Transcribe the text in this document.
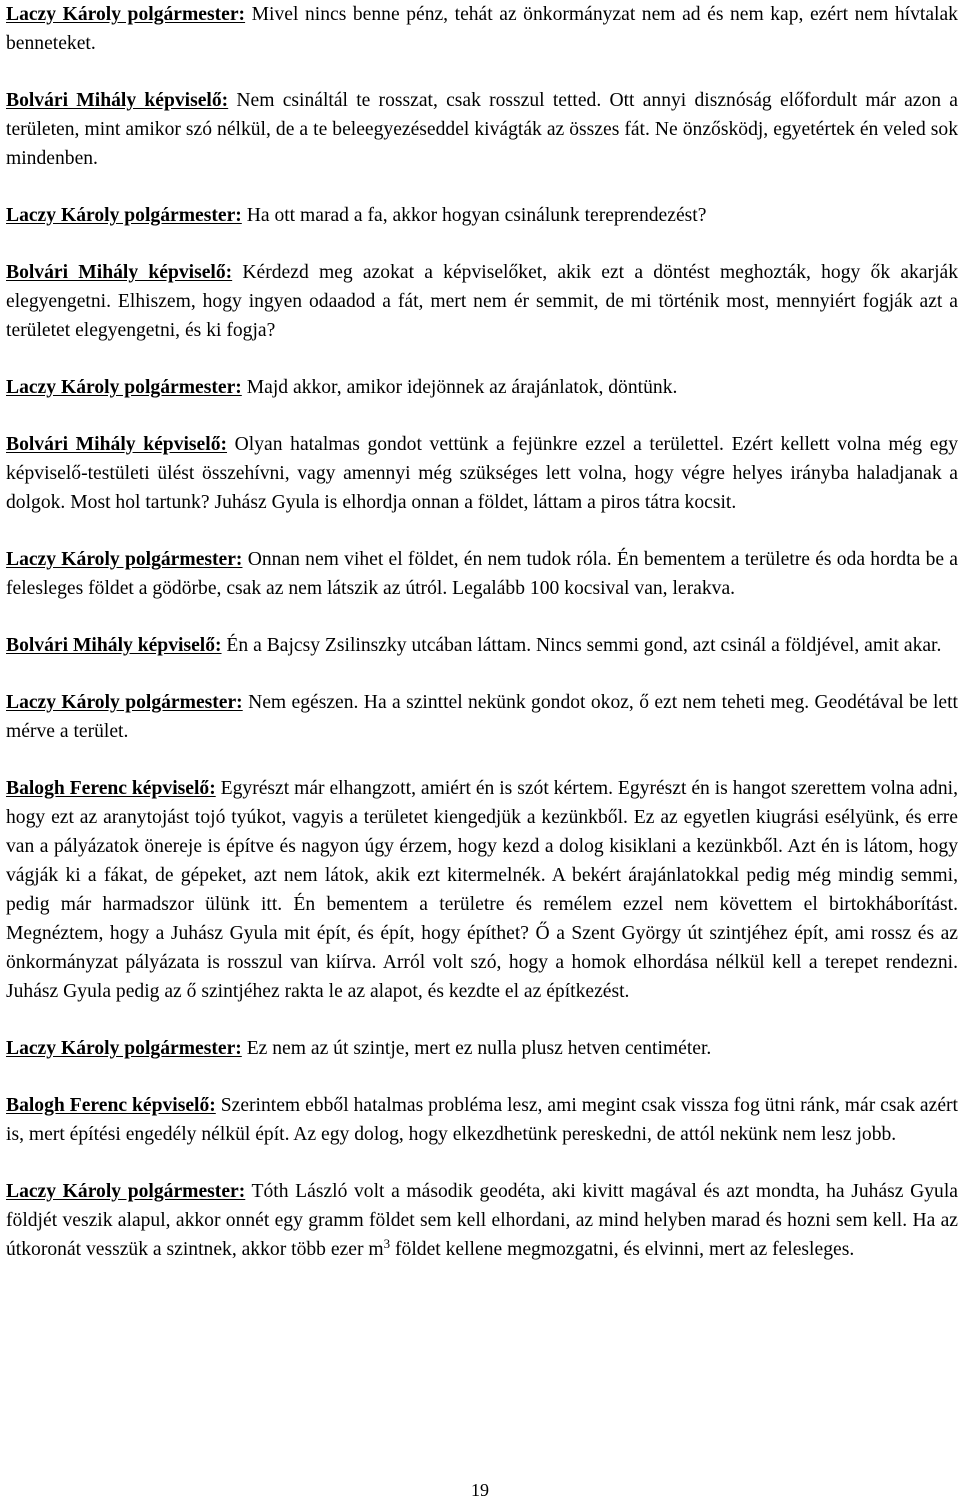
Laczy Károly polgármester: Mivel nincs benne pénz, tehát az önkormányzat nem ad és nem kap, ezért nem hívtalak benneteket.

Bolvári Mihály képviselő: Nem csináltál te rosszat, csak rosszul tetted. Ott annyi disznóság előfordult már azon a területen, mint amikor szó nélkül, de a te beleegyezéseddel kivágták az összes fát. Ne önzősködj, egyetértek én veled sok mindenben.

Laczy Károly polgármester: Ha ott marad a fa, akkor hogyan csinálunk tereprendezést?

Bolvári Mihály képviselő: Kérdezd meg azokat a képviselőket, akik ezt a döntést meghozták, hogy ők akarják elegyengetni. Elhiszem, hogy ingyen odaadod a fát, mert nem ér semmit, de mi történik most, mennyiért fogják azt a területet elegyengetni, és ki fogja?

Laczy Károly polgármester: Majd akkor, amikor idejönnek az árajánlatok, döntünk.

Bolvári Mihály képviselő: Olyan hatalmas gondot vettünk a fejünkre ezzel a területtel. Ezért kellett volna még egy képviselő-testületi ülést összehívni, vagy amennyi még szükséges lett volna, hogy végre helyes irányba haladjanak a dolgok. Most hol tartunk? Juhász Gyula is elhordja onnan a földet, láttam a piros tátra kocsit.

Laczy Károly polgármester: Onnan nem vihet el földet, én nem tudok róla. Én bementem a területre és oda hordta be a felesleges földet a gödörbe, csak az nem látszik az útról. Legalább 100 kocsival van, lerakva.

Bolvári Mihály képviselő: Én a Bajcsy Zsilinszky utcában láttam. Nincs semmi gond, azt csinál a földjével, amit akar.

Laczy Károly polgármester: Nem egészen. Ha a szinttel nekünk gondot okoz, ő ezt nem teheti meg. Geodétával be lett mérve a terület.

Balogh Ferenc képviselő: Egyrészt már elhangzott, amiért én is szót kértem. Egyrészt én is hangot szerettem volna adni, hogy ezt az aranytojást tojó tyúkot, vagyis a területet kiengedjük a kezünkből. Ez az egyetlen kiugrási esélyünk, és erre van a pályázatok önereje is építve és nagyon úgy érzem, hogy kezd a dolog kisiklani a kezünkből. Azt én is látom, hogy vágják ki a fákat, de gépeket, azt nem látok, akik ezt kitermelnék. A bekért árajánlatokkal pedig még mindig semmi, pedig már harmadszor ülünk itt. Én bementem a területre és remélem ezzel nem követtem el birtokháborítást. Megnéztem, hogy a Juhász Gyula mit épít, és épít, hogy építhet? Ő a Szent György út szintjéhez épít, ami rossz és az önkormányzat pályázata is rosszul van kiírva. Arról volt szó, hogy a homok elhordása nélkül kell a terepet rendezni. Juhász Gyula pedig az ő szintjéhez rakta le az alapot, és kezdte el az építkezést.

Laczy Károly polgármester: Ez nem az út szintje, mert ez nulla plusz hetven centiméter.

Balogh Ferenc képviselő: Szerintem ebből hatalmas probléma lesz, ami megint csak vissza fog ütni ránk, már csak azért is, mert építési engedély nélkül épít. Az egy dolog, hogy elkezdhetünk pereskedni, de attól nekünk nem lesz jobb.

Laczy Károly polgármester: Tóth László volt a második geodéta, aki kivitt magával és azt mondta, ha Juhász Gyula földjét veszik alapul, akkor onnét egy gramm földet sem kell elhordani, az mind helyben marad és hozni sem kell. Ha az útkoronát vesszük a szintnek, akkor több ezer $m^3$ földet kellene megmozgatni, és elvinni, mert az felesleges.

19
